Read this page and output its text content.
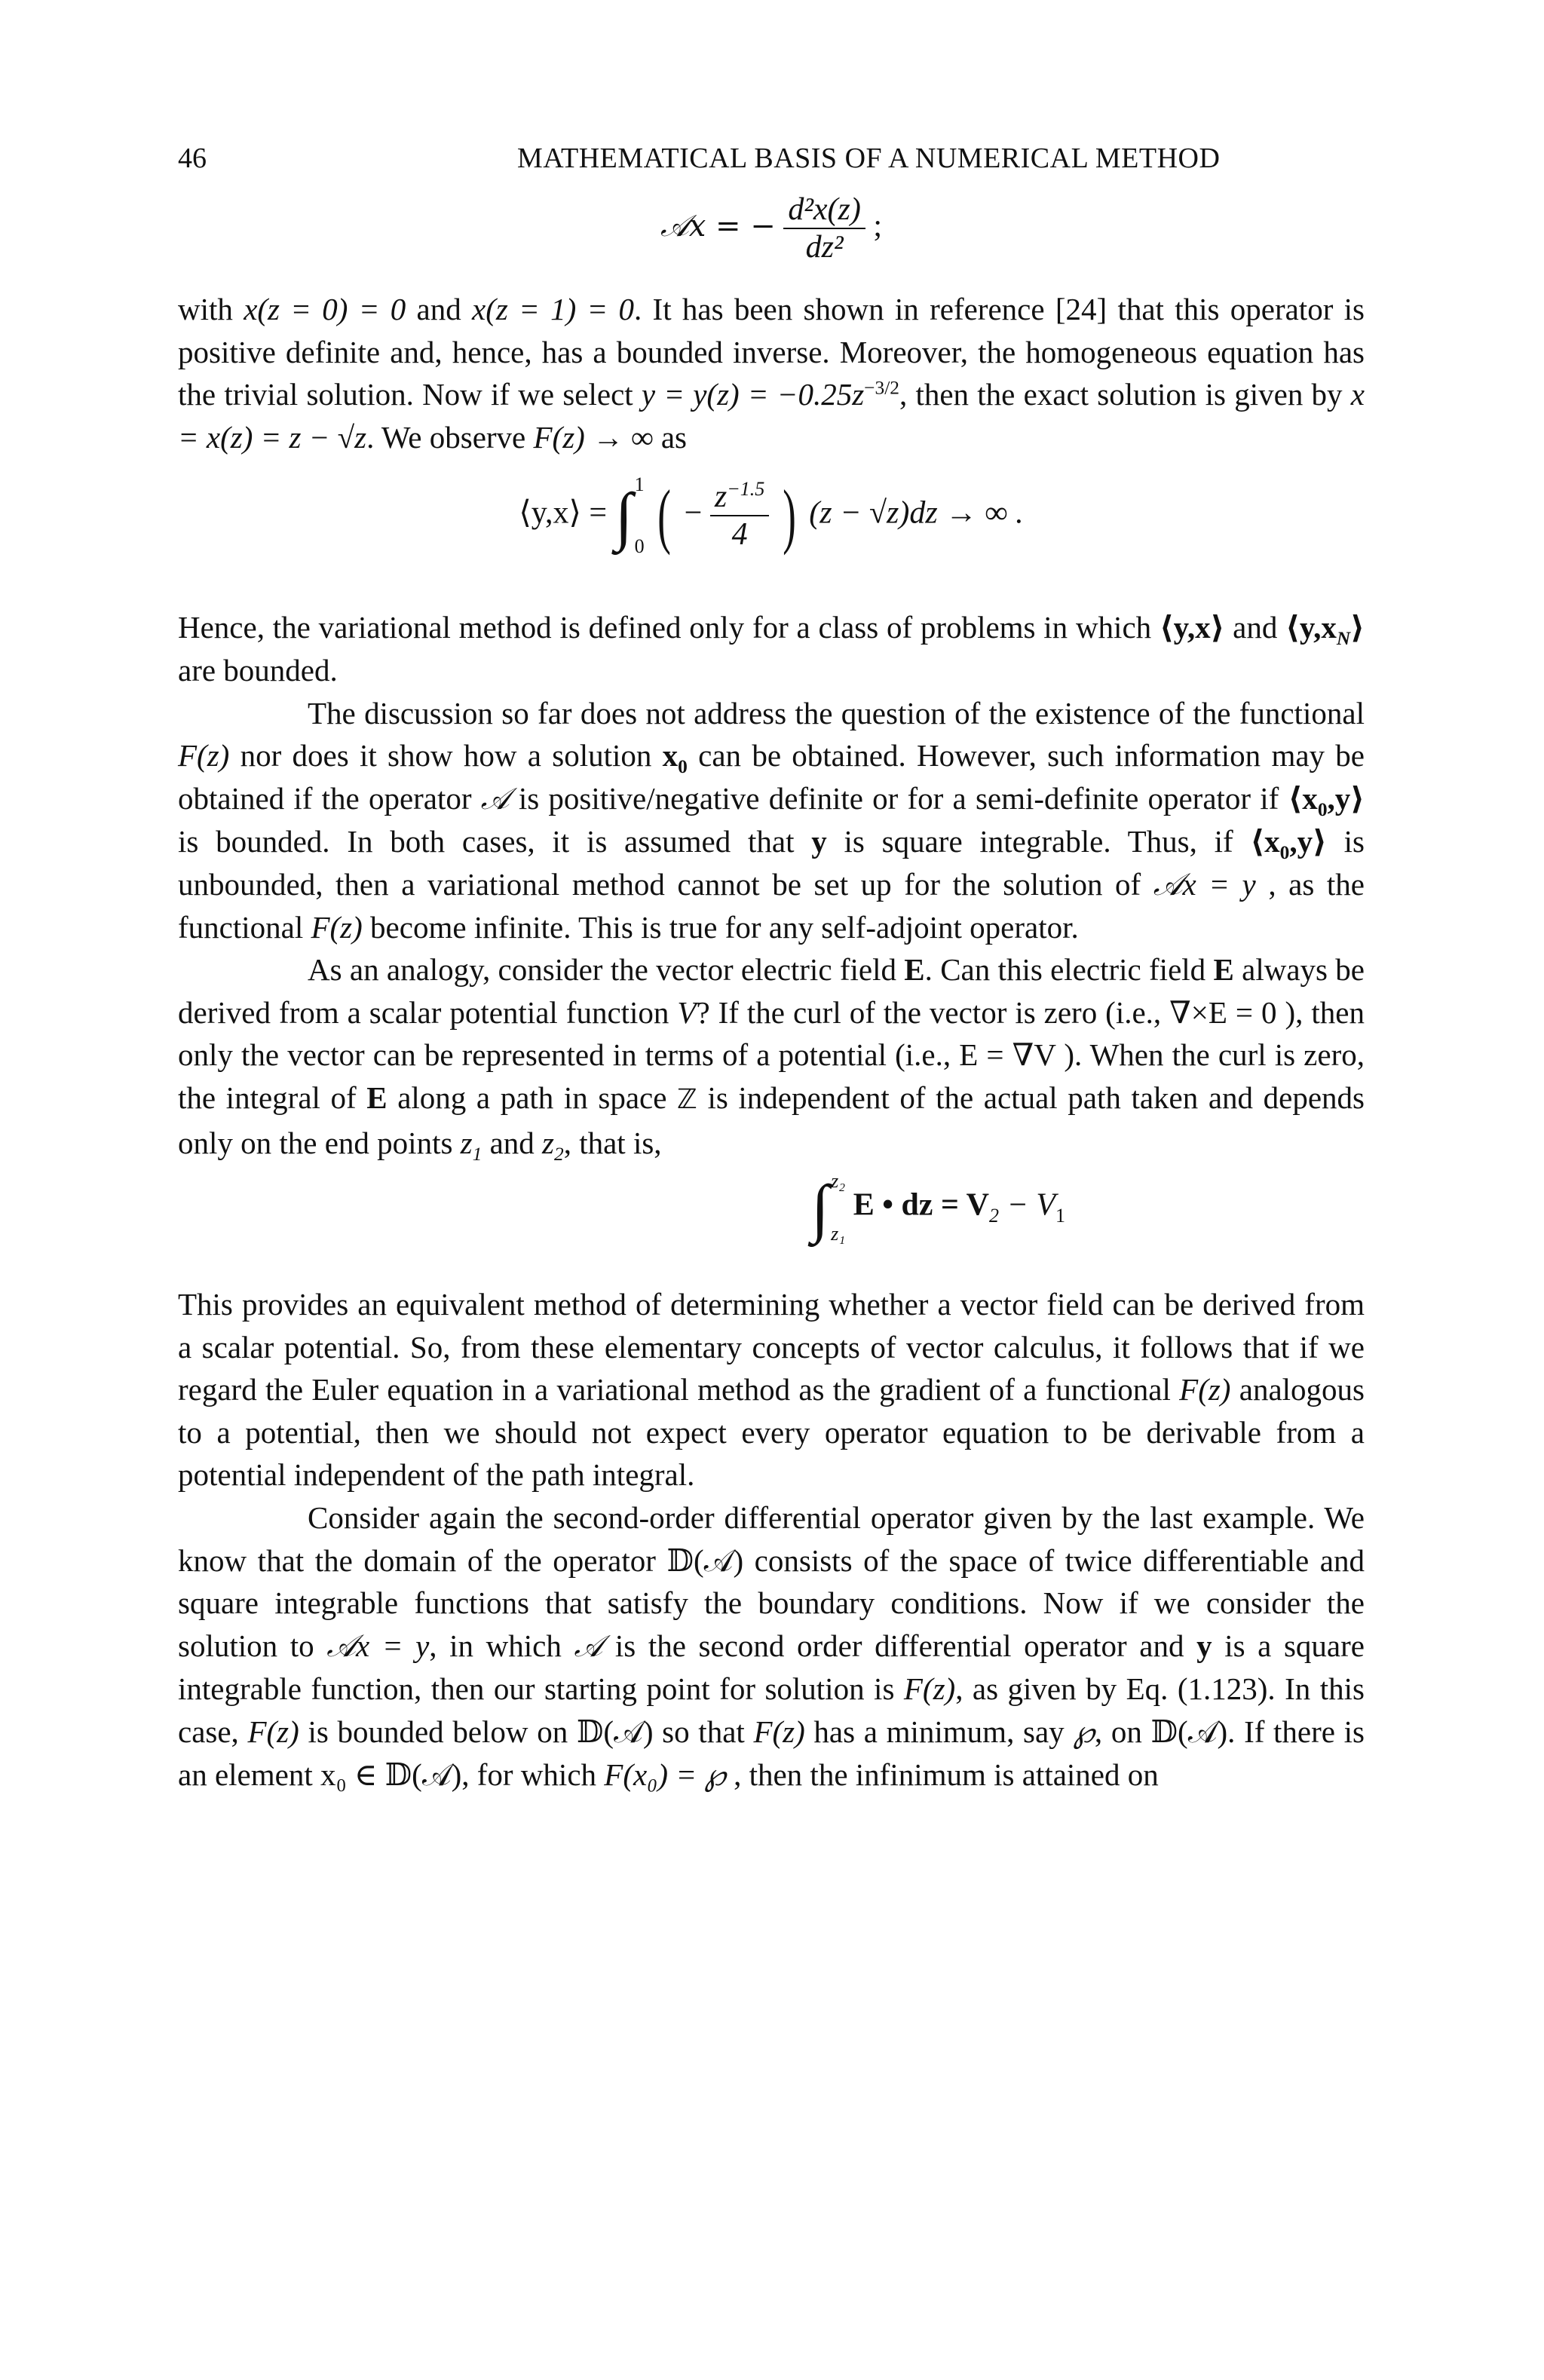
46	MATHEMATICAL BASIS OF A NUMERICAL METHOD
𝒜x = − $\frac{\text{d²x(z)}}{\text{dz²}}$ ;

with x(z = 0) = 0 and x(z = 1) = 0. It has been shown in reference [24] that this operator is positive definite and, hence, has a bounded inverse. Moreover, the homogeneous equation has the trivial solution. Now if we select $y = y(z) = -0.25z^{-3/2}$, then the exact solution is given by x = x(z) = z − √z. We observe F(z) → ∞ as

⟨y,x⟩ = ∫ 1
0 ( − $\frac{z^{-1.5}}{4}$ ) (z − √z)dz → ∞ .

Hence, the variational method is defined only for a class of problems in which ⟨y,x⟩ and $⟨y,x_N⟩$ are bounded.

The discussion so far does not address the question of the existence of the functional F(z) nor does it show how a solution $x_0$ can be obtained. However, such information may be obtained if the operator 𝒜 is positive/negative definite or for a semi-definite operator if $⟨x_0,y⟩$ is bounded. In both cases, it is assumed that y is square integrable. Thus, if $⟨x_0,y⟩$ is unbounded, then a variational method cannot be set up for the solution of 𝒜x = y , as the functional F(z) become infinite. This is true for any self-adjoint operator.

As an analogy, consider the vector electric field E. Can this electric field E always be derived from a scalar potential function V? If the curl of the vector is zero (i.e., ∇×E = 0 ), then only the vector can be represented in terms of a potential (i.e., E = ∇V ). When the curl is zero, the integral of E along a path in space ℤ is independent of the actual path taken and depends only on the end points $z_1$ and $z_2$, that is,

∫ z₂
z₁
E • dz = $V_2 - V_1$

This provides an equivalent method of determining whether a vector field can be derived from a scalar potential. So, from these elementary concepts of vector calculus, it follows that if we regard the Euler equation in a variational method as the gradient of a functional F(z) analogous to a potential, then we should not expect every operator equation to be derivable from a potential independent of the path integral.

Consider again the second-order differential operator given by the last example. We know that the domain of the operator 𝔻(𝒜) consists of the space of twice differentiable and square integrable functions that satisfy the boundary conditions. Now if we consider the solution to 𝒜x = y, in which 𝒜 is the second order differential operator and y is a square integrable function, then our starting point for solution is F(z), as given by Eq. (1.123). In this case, F(z) is bounded below on 𝔻(𝒜) so that F(z) has a minimum, say ℘, on 𝔻(𝒜). If there is an element x₀ ∈ 𝔻(𝒜), for which F(x₀) = ℘ , then the infinimum is attained on
